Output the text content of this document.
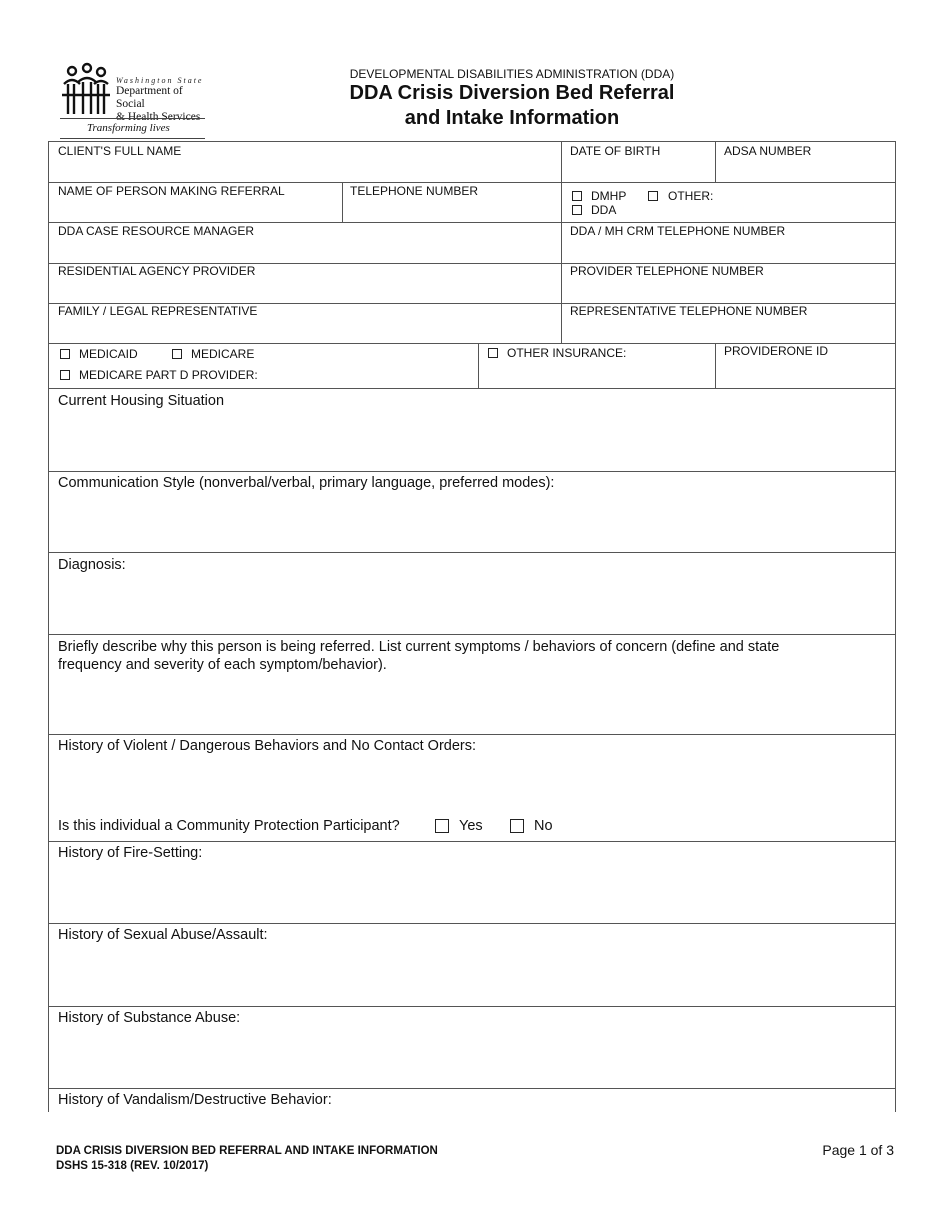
Washington State
Department of Social
& Health Services
Transforming lives
DEVELOPMENTAL DISABILITIES ADMINISTRATION (DDA)
DDA Crisis Diversion Bed Referral
and Intake Information
CLIENT'S FULL NAME	DATE OF BIRTH	ADSA NUMBER
NAME OF PERSON MAKING REFERRAL	TELEPHONE NUMBER	DMHP	OTHER:
DDA
DDA CASE RESOURCE MANAGER	DDA / MH CRM TELEPHONE NUMBER
RESIDENTIAL AGENCY PROVIDER	PROVIDER TELEPHONE NUMBER
FAMILY / LEGAL REPRESENTATIVE	REPRESENTATIVE TELEPHONE NUMBER
MEDICAID	MEDICARE
MEDICARE PART D PROVIDER:
OTHER INSURANCE:	PROVIDERONE ID
Current Housing Situation
Communication Style (nonverbal/verbal, primary language, preferred modes):
Diagnosis:
Briefly describe why this person is being referred. List current symptoms / behaviors of concern (define and state
frequency and severity of each symptom/behavior).
History of Violent / Dangerous Behaviors and No Contact Orders:
Is this individual a Community Protection Participant?	Yes	No
History of Fire-Setting:
History of Sexual Abuse/Assault:
History of Substance Abuse:
History of Vandalism/Destructive Behavior:
DDA CRISIS DIVERSION BED REFERRAL AND INTAKE INFORMATION
DSHS 15-318 (REV. 10/2017)
Page 1 of 3
